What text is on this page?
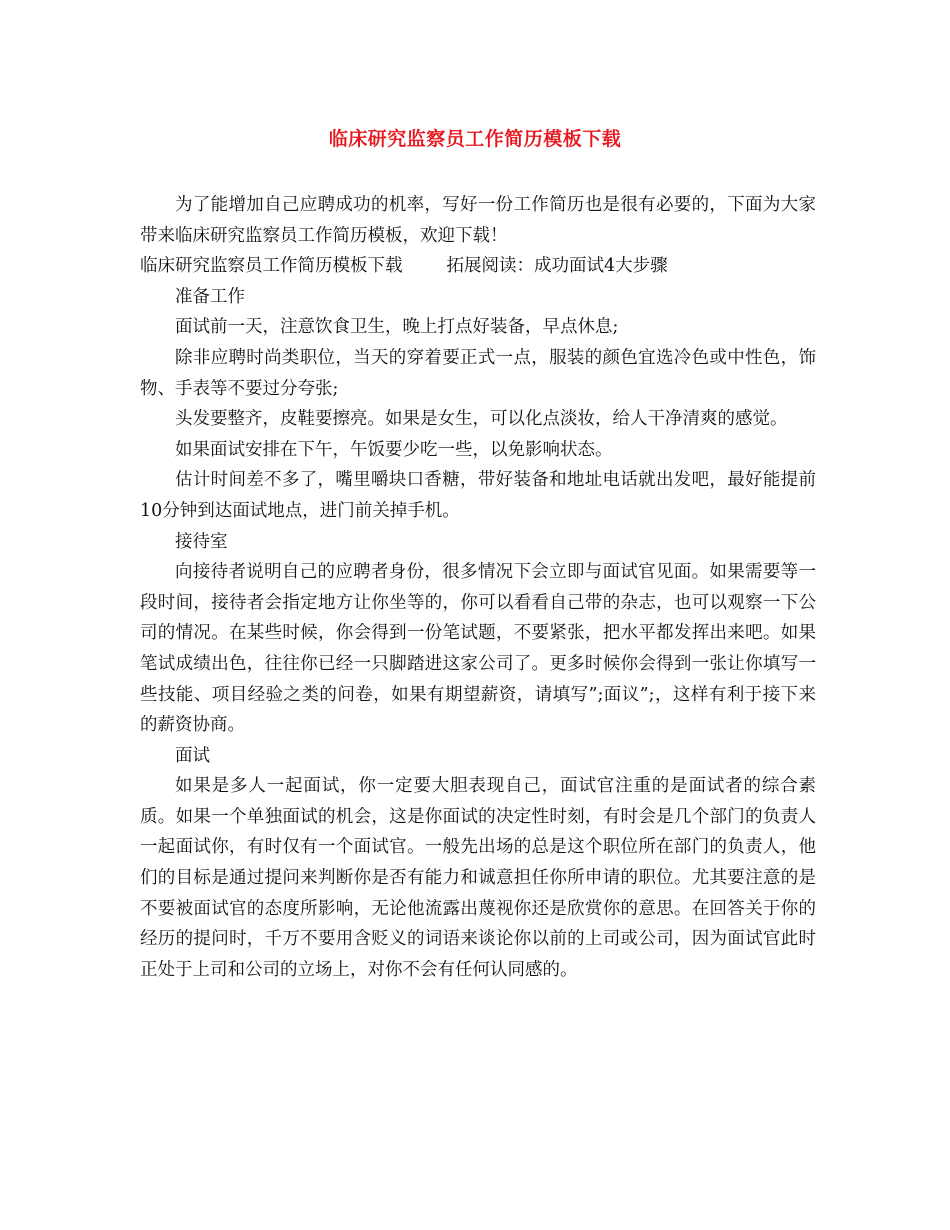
临床研究监察员工作简历模板下载

为了能增加自己应聘成功的机率，写好一份工作简历也是很有必要的，下面为大家带来临床研究监察员工作简历模板，欢迎下载！

临床研究监察员工作简历模板下载	拓展阅读：成功面试4大步骤

准备工作

面试前一天，注意饮食卫生，晚上打点好装备，早点休息;

除非应聘时尚类职位，当天的穿着要正式一点，服装的颜色宜选冷色或中性色，饰物、手表等不要过分夸张;

头发要整齐，皮鞋要擦亮。如果是女生，可以化点淡妆，给人干净清爽的感觉。

如果面试安排在下午，午饭要少吃一些，以免影响状态。

估计时间差不多了，嘴里嚼块口香糖，带好装备和地址电话就出发吧，最好能提前10分钟到达面试地点，进门前关掉手机。

接待室

向接待者说明自己的应聘者身份，很多情况下会立即与面试官见面。如果需要等一段时间，接待者会指定地方让你坐等的，你可以看看自己带的杂志，也可以观察一下公司的情况。在某些时候，你会得到一份笔试题，不要紧张，把水平都发挥出来吧。如果笔试成绩出色，往往你已经一只脚踏进这家公司了。更多时候你会得到一张让你填写一些技能、项目经验之类的问卷，如果有期望薪资，请填写”;面议”;，这样有利于接下来的薪资协商。

面试

如果是多人一起面试，你一定要大胆表现自己，面试官注重的是面试者的综合素质。如果一个单独面试的机会，这是你面试的决定性时刻，有时会是几个部门的负责人一起面试你，有时仅有一个面试官。一般先出场的总是这个职位所在部门的负责人，他们的目标是通过提问来判断你是否有能力和诚意担任你所申请的职位。尤其要注意的是不要被面试官的态度所影响，无论他流露出蔑视你还是欣赏你的意思。在回答关于你的经历的提问时，千万不要用含贬义的词语来谈论你以前的上司或公司，因为面试官此时正处于上司和公司的立场上，对你不会有任何认同感的。
